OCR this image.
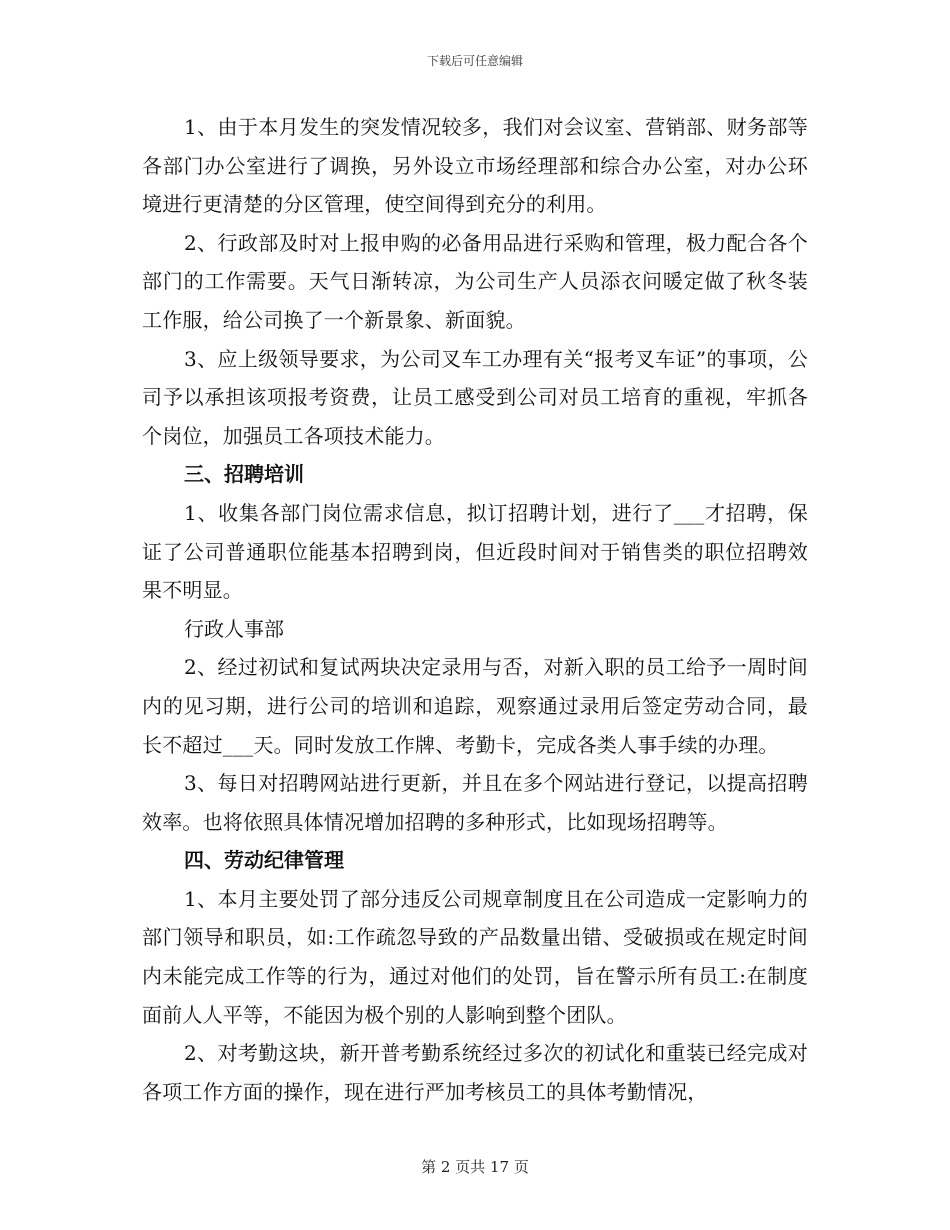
下载后可任意编辑

1、由于本月发生的突发情况较多，我们对会议室、营销部、财务部等各部门办公室进行了调换，另外设立市场经理部和综合办公室，对办公环境进行更清楚的分区管理，使空间得到充分的利用。

2、行政部及时对上报申购的必备用品进行采购和管理，极力配合各个部门的工作需要。天气日渐转凉，为公司生产人员添衣问暖定做了秋冬装工作服，给公司换了一个新景象、新面貌。

3、应上级领导要求，为公司叉车工办理有关“报考叉车证”的事项，公司予以承担该项报考资费，让员工感受到公司对员工培育的重视，牢抓各个岗位，加强员工各项技术能力。

三、招聘培训

1、收集各部门岗位需求信息，拟订招聘计划，进行了___才招聘，保证了公司普通职位能基本招聘到岗，但近段时间对于销售类的职位招聘效果不明显。

行政人事部

2、经过初试和复试两块决定录用与否，对新入职的员工给予一周时间内的见习期，进行公司的培训和追踪，观察通过录用后签定劳动合同，最长不超过___天。同时发放工作牌、考勤卡，完成各类人事手续的办理。

3、每日对招聘网站进行更新，并且在多个网站进行登记，以提高招聘效率。也将依照具体情况增加招聘的多种形式，比如现场招聘等。

四、劳动纪律管理

1、本月主要处罚了部分违反公司规章制度且在公司造成一定影响力的部门领导和职员，如:工作疏忽导致的产品数量出错、受破损或在规定时间内未能完成工作等的行为，通过对他们的处罚，旨在警示所有员工:在制度面前人人平等，不能因为极个别的人影响到整个团队。

2、对考勤这块，新开普考勤系统经过多次的初试化和重装已经完成对各项工作方面的操作，现在进行严加考核员工的具体考勤情况，

第 2 页共 17 页
